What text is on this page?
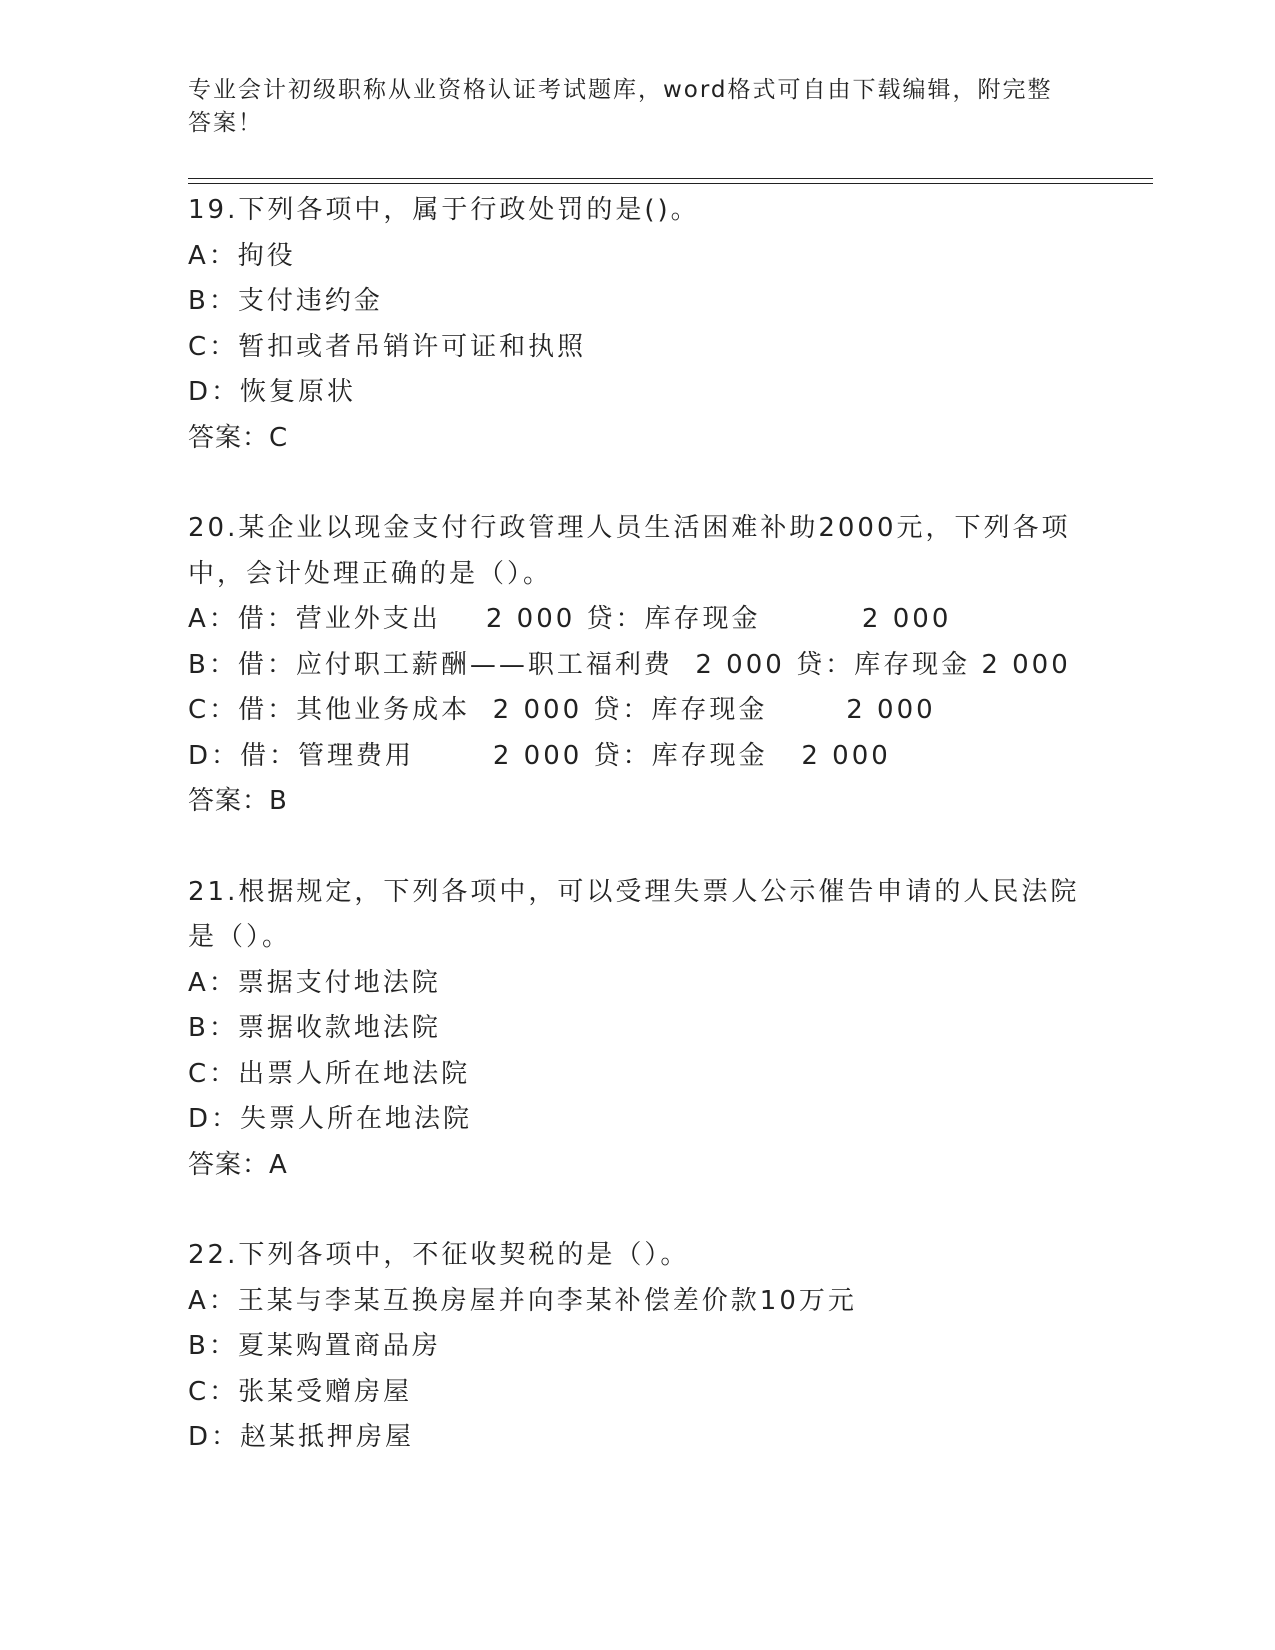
专业会计初级职称从业资格认证考试题库，word格式可自由下载编辑，附完整答案！
19.下列各项中，属于行政处罚的是()。
A：拘役
B：支付违约金
C：暂扣或者吊销许可证和执照
D：恢复原状
答案：C
20.某企业以现金支付行政管理人员生活困难补助2000元，下列各项中，会计处理正确的是（）。
A：借：营业外支出    2 000 贷：库存现金         2 000
B：借：应付职工薪酬——职工福利费  2 000 贷：库存现金 2 000
C：借：其他业务成本  2 000 贷：库存现金       2 000
D：借：管理费用       2 000 贷：库存现金   2 000
答案：B
21.根据规定，下列各项中，可以受理失票人公示催告申请的人民法院是（）。
A：票据支付地法院
B：票据收款地法院
C：出票人所在地法院
D：失票人所在地法院
答案：A
22.下列各项中，不征收契税的是（）。
A：王某与李某互换房屋并向李某补偿差价款10万元
B：夏某购置商品房
C：张某受赠房屋
D：赵某抵押房屋
